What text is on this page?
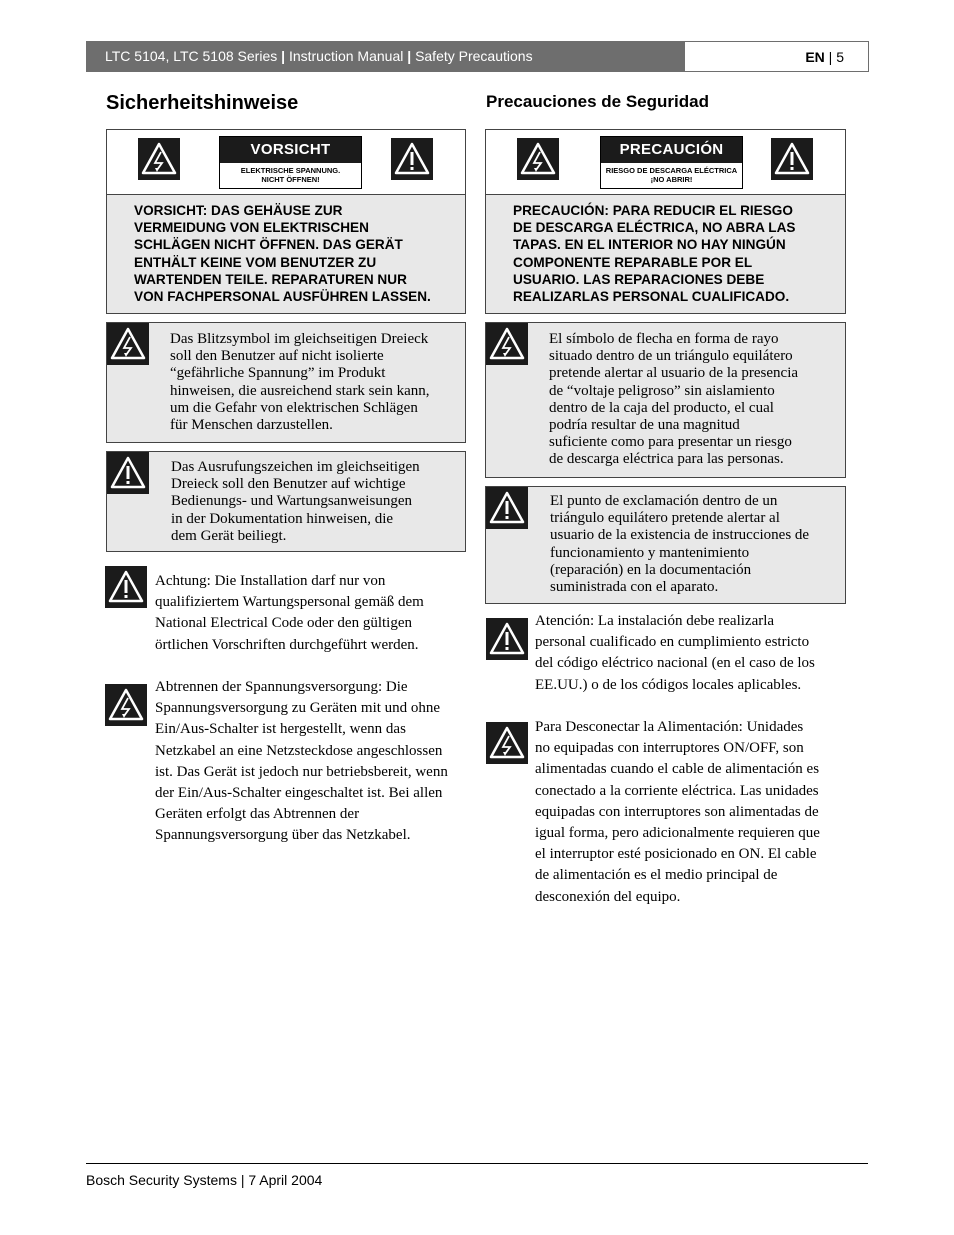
LTC 5104, LTC 5108 Series | Instruction Manual | Safety Precautions	EN | 5
Sicherheitshinweise	Precauciones de Seguridad
VORSICHT
ELEKTRISCHE SPANNUNG.
NICHT ÖFFNEN!
VORSICHT: DAS GEHÄUSE ZUR
VERMEIDUNG VON ELEKTRISCHEN
SCHLÄGEN NICHT ÖFFNEN. DAS GERÄT
ENTHÄLT KEINE VOM BENUTZER ZU
WARTENDEN TEILE. REPARATUREN NUR
VON FACHPERSONAL AUSFÜHREN LASSEN.
PRECAUCIÓN
RIESGO DE DESCARGA ELÉCTRICA
¡NO ABRIR!
PRECAUCIÓN: PARA REDUCIR EL RIESGO
DE DESCARGA ELÉCTRICA, NO ABRA LAS
TAPAS. EN EL INTERIOR NO HAY NINGÚN
COMPONENTE REPARABLE POR EL
USUARIO. LAS REPARACIONES DEBE
REALIZARLAS PERSONAL CUALIFICADO.
Das Blitzsymbol im gleichseitigen Dreieck
soll den Benutzer auf nicht isolierte
“gefährliche Spannung” im Produkt
hinweisen, die ausreichend stark sein kann,
um die Gefahr von elektrischen Schlägen
für Menschen darzustellen.
Das Ausrufungszeichen im gleichseitigen
Dreieck soll den Benutzer auf wichtige
Bedienungs- und Wartungsanweisungen
in der Dokumentation hinweisen, die
dem Gerät beiliegt.
Achtung: Die Installation darf nur von
qualifiziertem Wartungspersonal gemäß dem
National Electrical Code oder den gültigen
örtlichen Vorschriften durchgeführt werden.
Abtrennen der Spannungsversorgung: Die
Spannungsversorgung zu Geräten mit und ohne
Ein/Aus-Schalter ist hergestellt, wenn das
Netzkabel an eine Netzsteckdose angeschlossen
ist. Das Gerät ist jedoch nur betriebsbereit, wenn
der Ein/Aus-Schalter eingeschaltet ist. Bei allen
Geräten erfolgt das Abtrennen der
Spannungsversorgung über das Netzkabel.
El símbolo de flecha en forma de rayo
situado dentro de un triángulo equilátero
pretende alertar al usuario de la presencia
de “voltaje peligroso” sin aislamiento
dentro de la caja del producto, el cual
podría resultar de una magnitud
suficiente como para presentar un riesgo
de descarga eléctrica para las personas.
El punto de exclamación dentro de un
triángulo equilátero pretende alertar al
usuario de la existencia de instrucciones de
funcionamiento y mantenimiento
(reparación) en la documentación
suministrada con el aparato.
Atención: La instalación debe realizarla
personal cualificado en cumplimiento estricto
del código eléctrico nacional (en el caso de los
EE.UU.) o de los códigos locales aplicables.
Para Desconectar la Alimentación: Unidades
no equipadas con interruptores ON/OFF, son
alimentadas cuando el cable de alimentación es
conectado a la corriente eléctrica. Las unidades
equipadas con interruptores son alimentadas de
igual forma, pero adicionalmente requieren que
el interruptor esté posicionado en ON. El cable
de alimentación es el medio principal de
desconexión del equipo.
Bosch Security Systems | 7 April 2004
